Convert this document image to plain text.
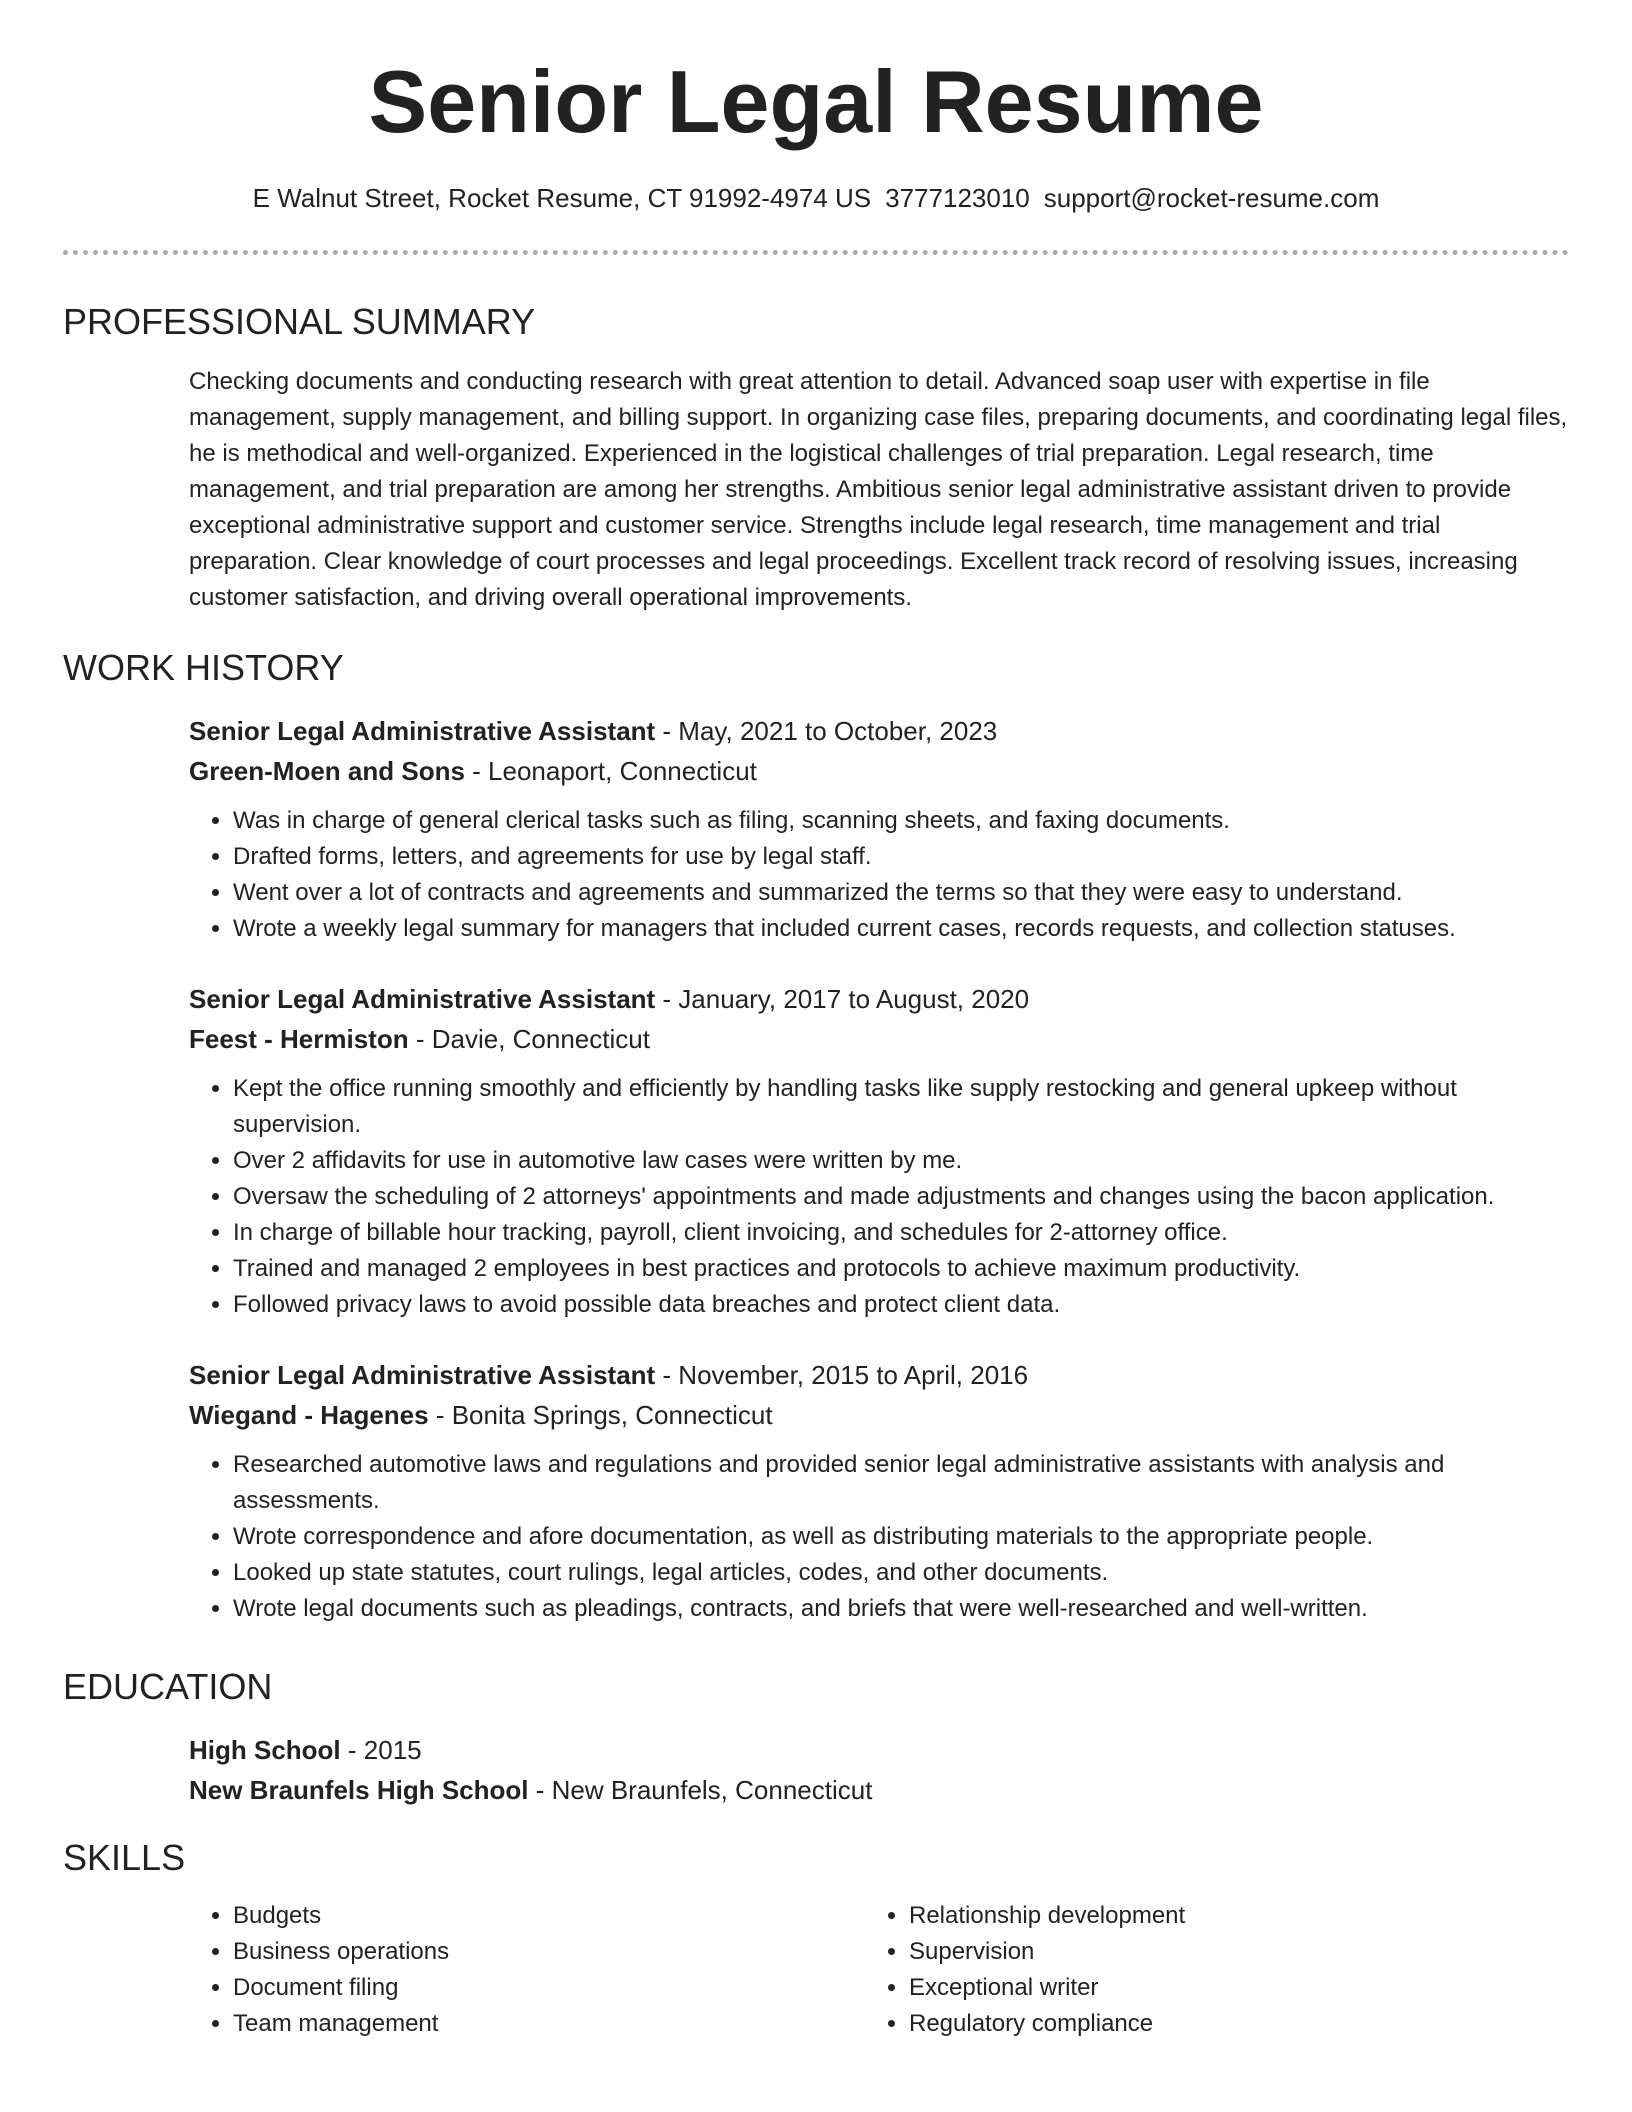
Senior Legal Resume
E Walnut Street, Rocket Resume, CT 91992-4974 US 3777123010 support@rocket-resume.com
PROFESSIONAL SUMMARY

Checking documents and conducting research with great attention to detail. Advanced soap user with expertise in file management, supply management, and billing support. In organizing case files, preparing documents, and coordinating legal files, he is methodical and well-organized. Experienced in the logistical challenges of trial preparation. Legal research, time management, and trial preparation are among her strengths. Ambitious senior legal administrative assistant driven to provide exceptional administrative support and customer service. Strengths include legal research, time management and trial preparation. Clear knowledge of court processes and legal proceedings. Excellent track record of resolving issues, increasing customer satisfaction, and driving overall operational improvements.

WORK HISTORY
Senior Legal Administrative Assistant - May, 2021 to October, 2023
Green-Moen and Sons - Leonaport, Connecticut
• Was in charge of general clerical tasks such as filing, scanning sheets, and faxing documents.
• Drafted forms, letters, and agreements for use by legal staff.
• Went over a lot of contracts and agreements and summarized the terms so that they were easy to understand.
• Wrote a weekly legal summary for managers that included current cases, records requests, and collection statuses.
Senior Legal Administrative Assistant - January, 2017 to August, 2020
Feest - Hermiston - Davie, Connecticut
• Kept the office running smoothly and efficiently by handling tasks like supply restocking and general upkeep without supervision.
• Over 2 affidavits for use in automotive law cases were written by me.
• Oversaw the scheduling of 2 attorneys' appointments and made adjustments and changes using the bacon application.
• In charge of billable hour tracking, payroll, client invoicing, and schedules for 2-attorney office.
• Trained and managed 2 employees in best practices and protocols to achieve maximum productivity.
• Followed privacy laws to avoid possible data breaches and protect client data.
Senior Legal Administrative Assistant - November, 2015 to April, 2016
Wiegand - Hagenes - Bonita Springs, Connecticut
• Researched automotive laws and regulations and provided senior legal administrative assistants with analysis and assessments.
• Wrote correspondence and afore documentation, as well as distributing materials to the appropriate people.
• Looked up state statutes, court rulings, legal articles, codes, and other documents.
• Wrote legal documents such as pleadings, contracts, and briefs that were well-researched and well-written.
EDUCATION
High School - 2015
New Braunfels High School - New Braunfels, Connecticut
SKILLS
• Budgets
• Business operations
• Document filing
• Team management
• Relationship development
• Supervision
• Exceptional writer
• Regulatory compliance
